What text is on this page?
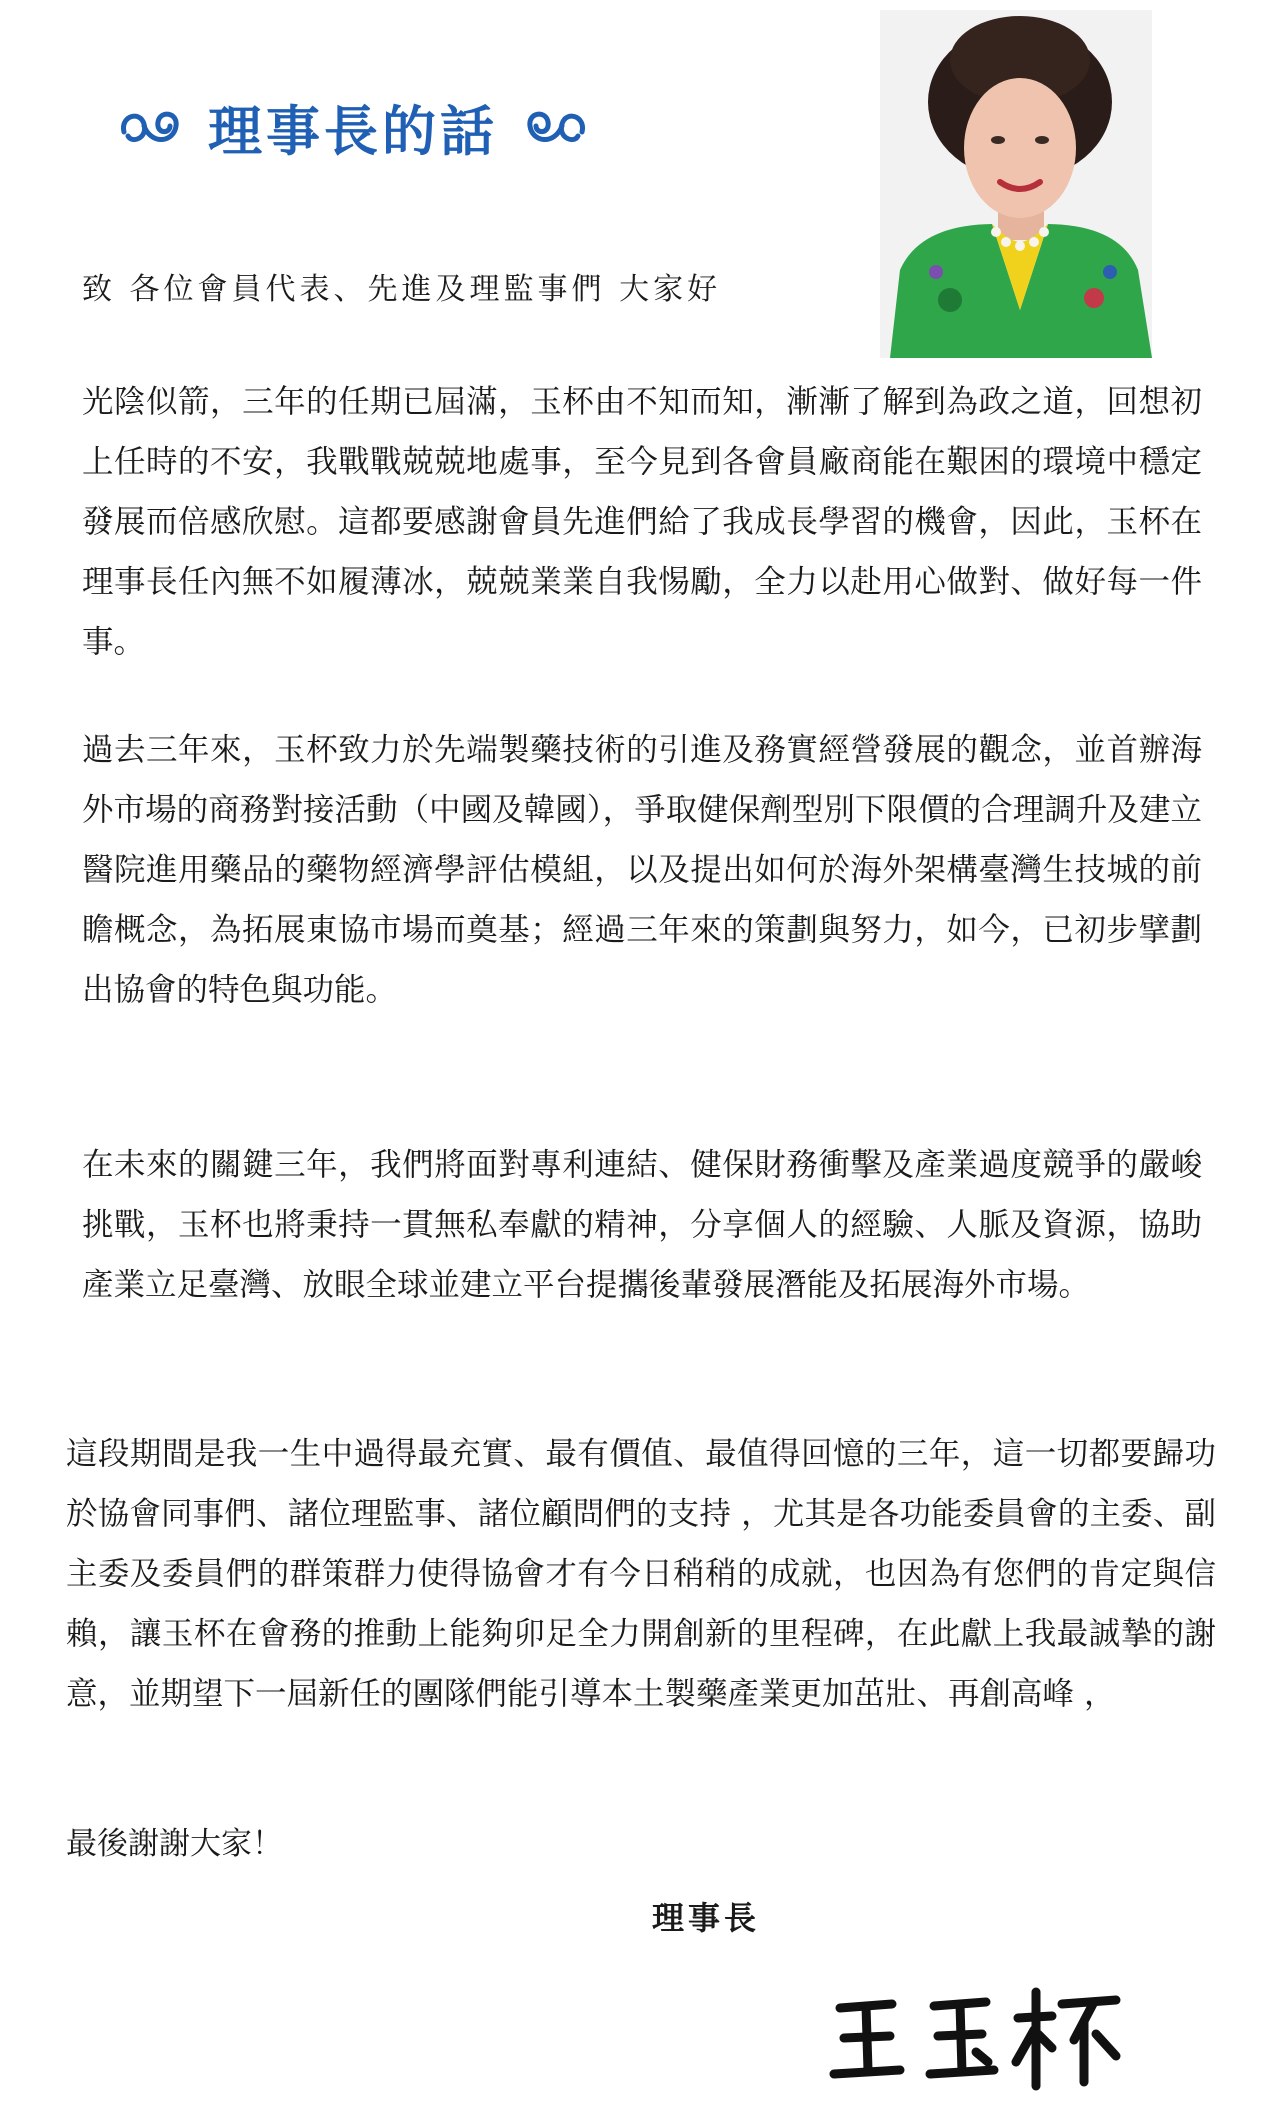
理事長的話
致 各位會員代表、先進及理監事們 大家好

光陰似箭，三年的任期已屆滿，玉杯由不知而知，漸漸了解到為政之道，回想初上任時的不安，我戰戰兢兢地處事，至今見到各會員廠商能在艱困的環境中穩定發展而倍感欣慰。這都要感謝會員先進們給了我成長學習的機會，因此，玉杯在理事長任內無不如履薄冰，兢兢業業自我惕勵，全力以赴用心做對、做好每一件事。

過去三年來，玉杯致力於先端製藥技術的引進及務實經營發展的觀念，並首辦海外市場的商務對接活動（中國及韓國），爭取健保劑型別下限價的合理調升及建立醫院進用藥品的藥物經濟學評估模組，以及提出如何於海外架構臺灣生技城的前瞻概念，為拓展東協市場而奠基；經過三年來的策劃與努力，如今，已初步擘劃出協會的特色與功能。

在未來的關鍵三年，我們將面對專利連結、健保財務衝擊及產業過度競爭的嚴峻挑戰，玉杯也將秉持一貫無私奉獻的精神，分享個人的經驗、人脈及資源，協助產業立足臺灣、放眼全球並建立平台提攜後輩發展潛能及拓展海外市場。

這段期間是我一生中過得最充實、最有價值、最值得回憶的三年，這一切都要歸功於協會同事們、諸位理監事、諸位顧問們的支持 ，尤其是各功能委員會的主委、副主委及委員們的群策群力使得協會才有今日稍稍的成就，也因為有您們的肯定與信賴，讓玉杯在會務的推動上能夠卯足全力開創新的里程碑，在此獻上我最誠摯的謝意，並期望下一屆新任的團隊們能引導本土製藥產業更加茁壯、再創高峰 ，

最後謝謝大家！
理事長
